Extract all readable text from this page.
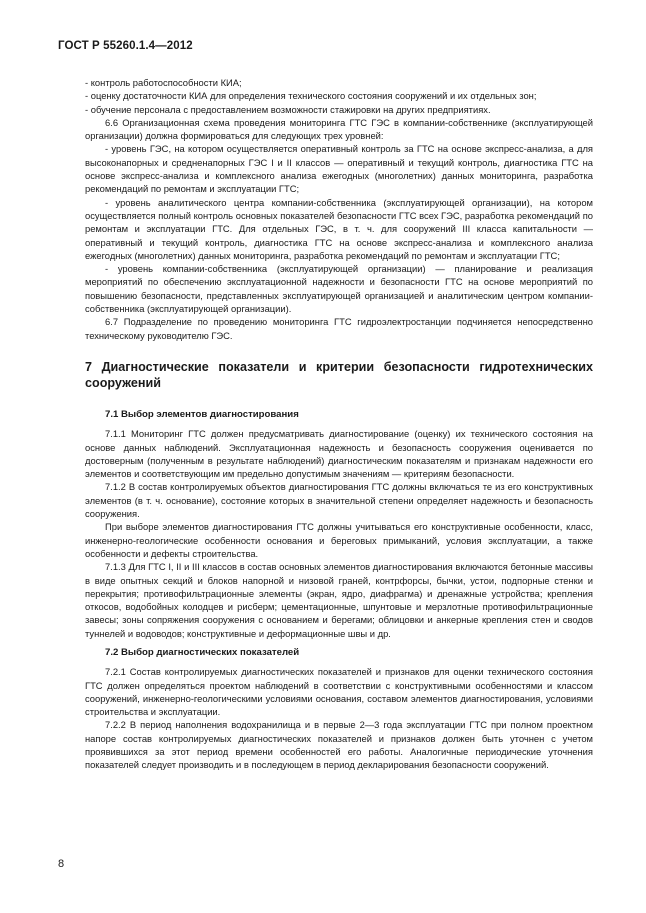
ГОСТ Р 55260.1.4—2012

- контроль работоспособности КИА;

- оценку достаточности КИА для определения технического состояния сооружений и их отдельных зон;

- обучение персонала с предоставлением возможности стажировки на других предприятиях.

6.6 Организационная схема проведения мониторинга ГТС ГЭС в компании-собственнике (эксплуатирующей организации) должна формироваться для следующих трех уровней:

- уровень ГЭС, на котором осуществляется оперативный контроль за ГТС на основе экспресс-анализа, а для высоконапорных и средненапорных ГЭС I и II классов — оперативный и текущий контроль, диагностика ГТС на основе экспресс-анализа и комплексного анализа ежегодных (многолетних) данных мониторинга, разработка рекомендаций по ремонтам и эксплуатации ГТС;

- уровень аналитического центра компании-собственника (эксплуатирующей организации), на котором осуществляется полный контроль основных показателей безопасности ГТС всех ГЭС, разработка рекомендаций по ремонтам и эксплуатации ГТС. Для отдельных ГЭС, в т. ч. для сооружений III класса капитальности — оперативный и текущий контроль, диагностика ГТС на основе экспресс-анализа и комплексного анализа ежегодных (многолетних) данных мониторинга, разработка рекомендаций по ремонтам и эксплуатации ГТС;

- уровень компании-собственника (эксплуатирующей организации) — планирование и реализация мероприятий по обеспечению эксплуатационной надежности и безопасности ГТС на основе мероприятий по повышению безопасности, представленных эксплуатирующей организацией и аналитическим центром компании-собственника (эксплуатирующей организации).

6.7 Подразделение по проведению мониторинга ГТС гидроэлектростанции подчиняется непосредственно техническому руководителю ГЭС.

7 Диагностические показатели и критерии безопасности гидротехнических сооружений
7.1 Выбор элементов диагностирования

7.1.1 Мониторинг ГТС должен предусматривать диагностирование (оценку) их технического состояния на основе данных наблюдений. Эксплуатационная надежность и безопасность сооружения оценивается по достоверным (полученным в результате наблюдений) диагностическим показателям и признакам надежности его элементов и соответствующим им предельно допустимым значениям — критериям безопасности.

7.1.2 В состав контролируемых объектов диагностирования ГТС должны включаться те из его конструктивных элементов (в т. ч. основание), состояние которых в значительной степени определяет надежность и безопасность сооружения.

При выборе элементов диагностирования ГТС должны учитываться его конструктивные особенности, класс, инженерно-геологические особенности основания и береговых примыканий, условия эксплуатации, а также особенности и дефекты строительства.

7.1.3 Для ГТС I, II и III классов в состав основных элементов диагностирования включаются бетонные массивы в виде опытных секций и блоков напорной и низовой граней, контрфорсы, бычки, устои, подпорные стенки и перекрытия; противофильтрационные элементы (экран, ядро, диафрагма) и дренажные устройства; крепления откосов, водобойных колодцев и рисберм; цементационные, шпунтовые и мерзлотные противофильтрационные завесы; зоны сопряжения сооружения с основанием и берегами; облицовки и анкерные крепления стен и сводов туннелей и водоводов; конструктивные и деформационные швы и др.

7.2 Выбор диагностических показателей

7.2.1 Состав контролируемых диагностических показателей и признаков для оценки технического состояния ГТС должен определяться проектом наблюдений в соответствии с конструктивными особенностями и классом сооружений, инженерно-геологическими условиями основания, составом элементов диагностирования, условиями строительства и эксплуатации.

7.2.2 В период наполнения водохранилища и в первые 2—3 года эксплуатации ГТС при полном проектном напоре состав контролируемых диагностических показателей и признаков должен быть уточнен с учетом проявившихся за этот период времени особенностей его работы. Аналогичные периодические уточнения показателей следует производить и в последующем в период декларирования безопасности сооружений.

8
